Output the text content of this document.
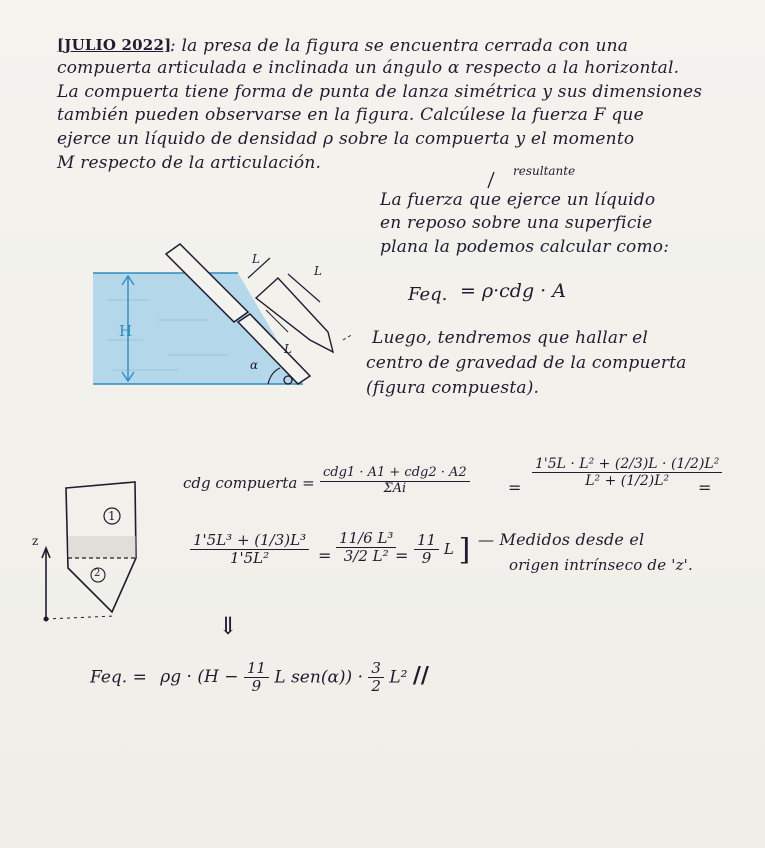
[JULIO 2022]
: la presa de la figura se encuentra cerrada con una
compuerta articulada e inclinada un ángulo α respecto a la horizontal.
La compuerta tiene forma de punta de lanza simétrica y sus dimensiones
también pueden observarse en la figura. Calcúlese la fuerza F que
ejerce un líquido de densidad ρ sobre la compuerta y el momento
M respecto de la articulación.	resultante
La fuerza que ejerce un líquido
en reposo sobre una superficie
plana la podemos calcular como:
Feq. = ρ·cdg · A
Luego, tendremos que hallar el
centro de gravedad de la compuerta
(figura compuesta).
H
L
L
L
α
1
2
z
cdg compuerta = $\frac{\text{cdg1 · A1 + cdg2 · A2}}{\text{ΣAi}} = \frac{\text{1'5L · L² + (2/3)L · (1/2)L²}}{\text{L² + (1/2)L²}}$
=
$\frac{\text{1'5L³ + (1/3)L³}}{\text{1'5L²}} = \frac{\text{11/6 L³}}{\text{3/2 L²}}$
= $\frac{11}{9}$ L ] — Medidos desde el
origen intrínseco de 'z'.
⇓
Feq. = $\rho g \cdot (H - \frac{11}{9}$ L $sen(\alpha)) \cdot \frac{3}{2} L^2$ //
